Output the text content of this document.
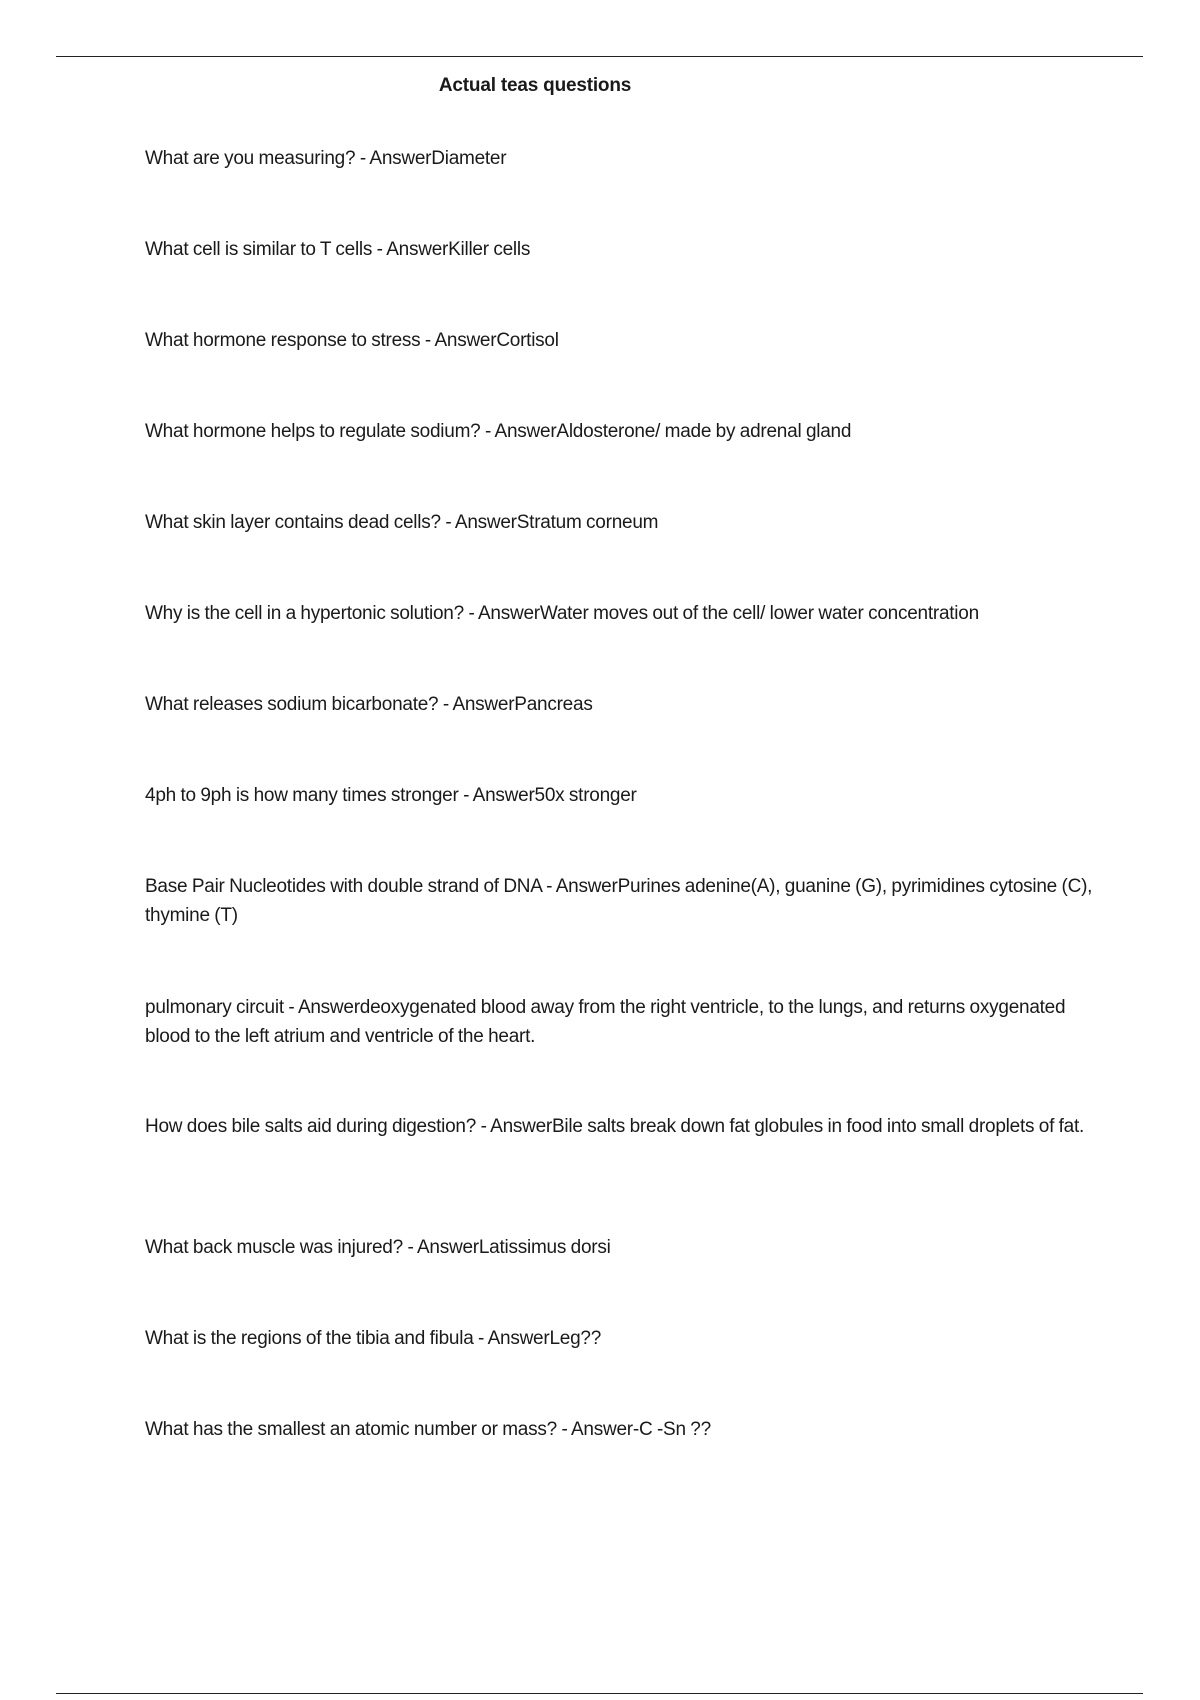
Actual teas questions
What are you measuring? - AnswerDiameter
What cell is similar to T cells - AnswerKiller cells
What hormone response to stress - AnswerCortisol
What hormone helps to regulate sodium? - AnswerAldosterone/ made by adrenal gland
What skin layer contains dead cells? - AnswerStratum corneum
Why is the cell in a hypertonic solution? - AnswerWater moves out of the cell/ lower water concentration
What releases sodium bicarbonate? - AnswerPancreas
4ph to 9ph is how many times stronger - Answer50x stronger
Base Pair Nucleotides with double strand of DNA - AnswerPurines adenine(A), guanine (G), pyrimidines cytosine (C), thymine (T)
pulmonary circuit - Answerdeoxygenated blood away from the right ventricle, to the lungs, and returns oxygenated blood to the left atrium and ventricle of the heart.
How does bile salts aid during digestion? - AnswerBile salts break down fat globules in food into small droplets of fat.
What back muscle was injured? - AnswerLatissimus dorsi
What is the regions of the tibia and fibula - AnswerLeg??
What has the smallest an atomic number or mass? - Answer-C -Sn ??
